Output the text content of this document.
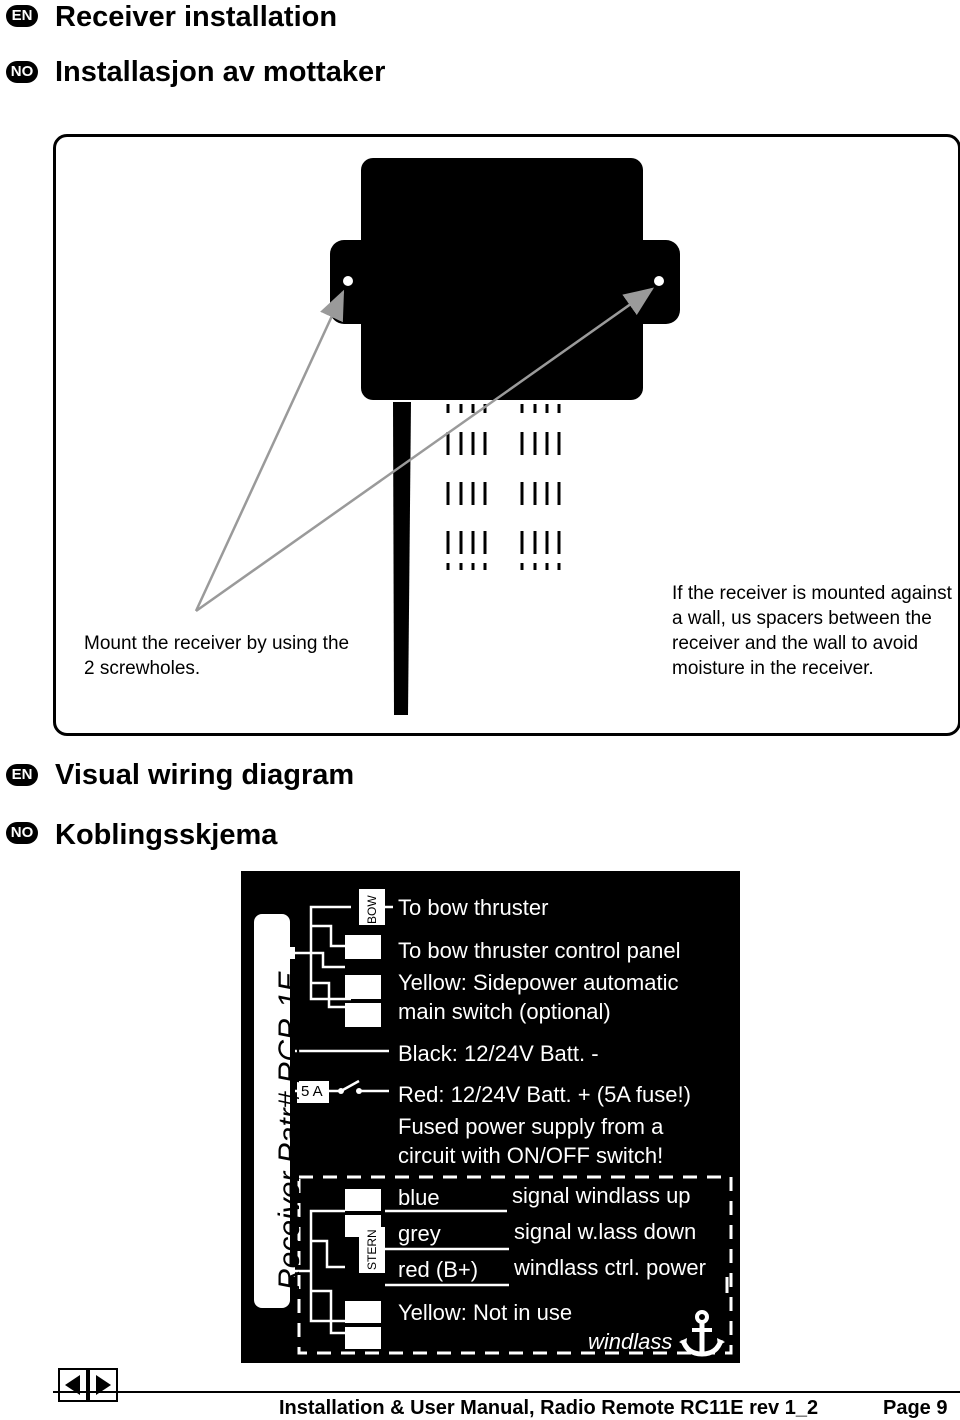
EN Receiver installation
NO Installasjon av mottaker
Mount the receiver by using the 2 screwholes.
If the receiver is mounted against a wall, us spacers between the receiver and the wall to avoid moisture in the receiver.
EN Visual wiring diagram
NO Koblingsskjema
Receiver Patr# RCR-1E
BOW
STERN
5 A
To bow thruster
To bow thruster control panel
Yellow: Sidepower automatic
main switch (optional)
Black: 12/24V Batt. -
Red: 12/24V Batt. + (5A fuse!)
Fused power supply from a
circuit with ON/OFF switch!
blue
grey
red (B+)
signal windlass up
signal w.lass down
windlass ctrl. power
Yellow: Not in use
windlass
Installation & User Manual, Radio Remote RC11E rev 1_2	Page 9
